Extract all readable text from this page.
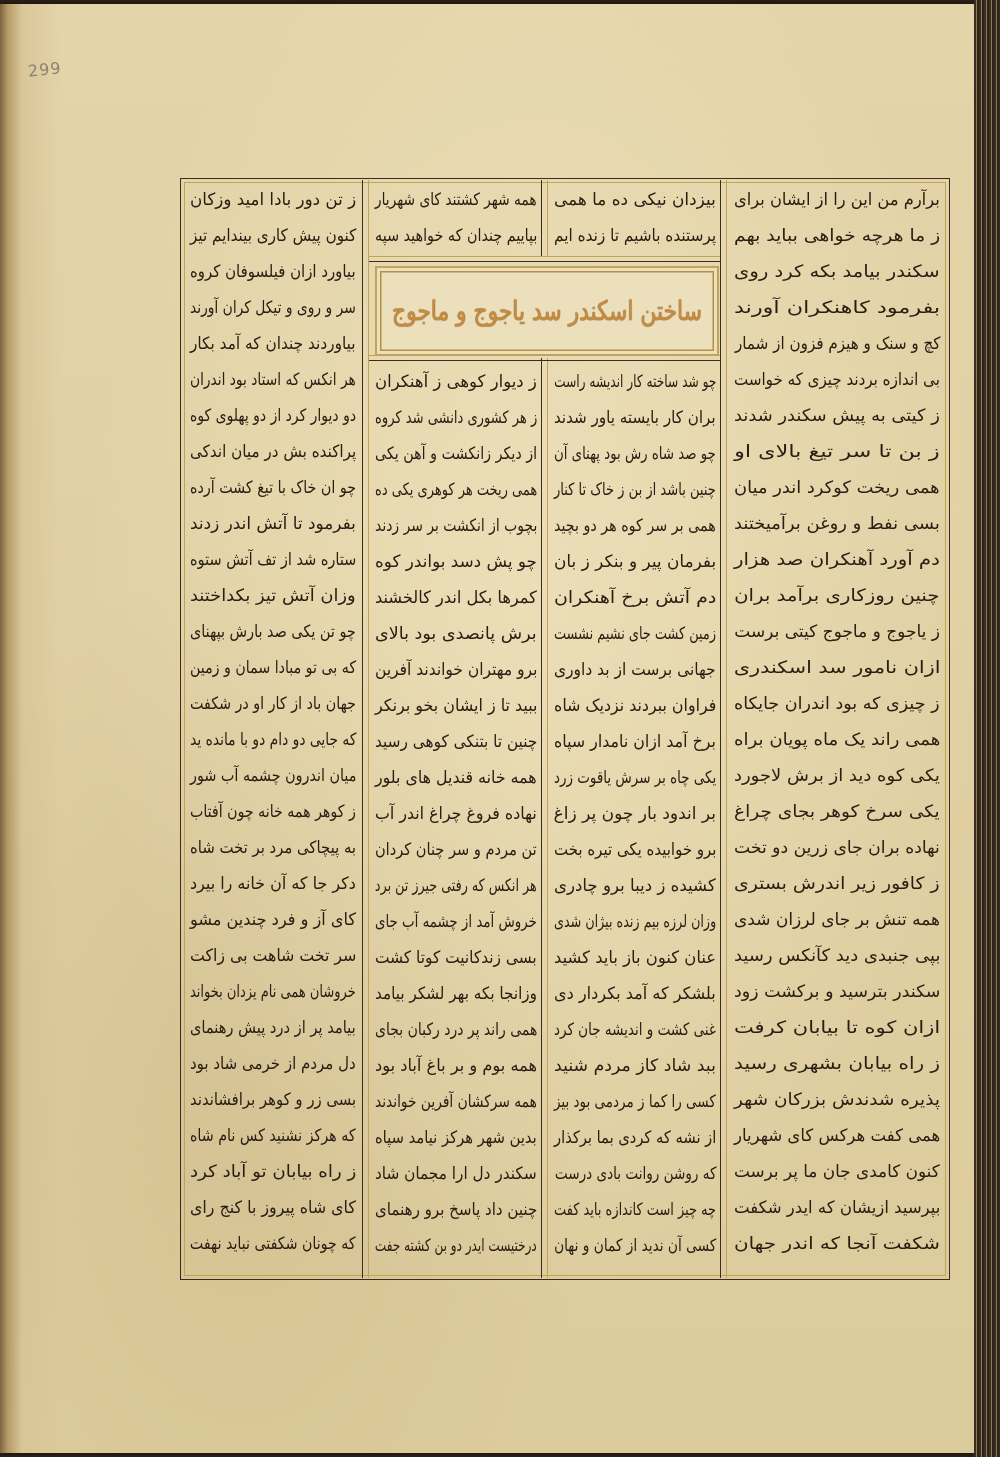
299
ساختن اسکندر سد یاجوج و ماجوج
برآرم من این را از ایشان برای
ز ما هرچه خواهی بباید بهم
سکندر بیامد بکه کرد روی
بفرمود کاهنکران آورند
کچ و سنک و هیزم فزون از شمار
بی اندازه بردند چیزی که خواست
ز کیتی به پیش سکندر شدند
ز بن تا سر تیغ بالای او
همی ریخت کوکرد اندر میان
بسی نفط و روغن برآمیختند
دم آورد آهنکران صد هزار
چنین روزکاری برآمد بران
ز یاجوج و ماجوج کیتی برست
ازان نامور سد اسکندری
ز چیزی که بود اندران جایکاه
همی راند یک ماه پویان براه
یکی کوه دید از برش لاجورد
یکی سرخ کوهر بجای چراغ
نهاده بران جای زرین دو تخت
ز کافور زیر اندرش بستری
همه تنش بر جای لرزان شدی
بپی جنبدی دید کآنکس رسید
سکندر بترسید و برکشت زود
ازان کوه تا بیابان کرفت
ز راه بیابان بشهری رسید
پذیره شدندش بزرکان شهر
همی کفت هرکس کای شهریار
کنون کامدی جان ما پر برست
بپرسید ازیشان که ایدر شکفت
شکفت آنجا که اندر جهان
بیزدان نیکی ده ما همی
پرستنده باشیم تا زنده ایم
چو شد ساخته کار اندیشه راست
بران کار بایسته یاور شدند
چو صد شاه رش بود پهنای آن
چنین باشد از بن ز خاک تا کنار
همی بر سر کوه هر دو بچید
بفرمان پیر و بنکر ز بان
دم آتش برخ آهنکران
زمین کشت جای نشیم نشست
جهانی برست از بد داوری
فراوان ببردند نزدیک شاه
برخ آمد ازان نامدار سپاه
یکی چاه بر سرش یاقوت زرد
بر اندود بار چون پر زاغ
برو خوابیده یکی تیره بخت
کشیده ز دیبا برو چادری
وزان لرزه بیم زنده بیژان شدی
عنان کنون باز باید کشید
بلشکر که آمد بکردار دی
غنی کشت و اندیشه جان کرد
ببد شاد کاز مردم شنید
کسی را کما ز مردمی بود بیز
از نشه که کردی بما برکذار
که روشن روانت بادی درست
چه چیز است کاندازه باید کفت
کسی آن ندید از کمان و نهان
همه شهر کشتند کای شهریار
بپاییم چندان که خواهید سپه
ز دیوار کوهی ز آهنکران
ز هر کشوری دانشی شد کروه
از دیکر زانکشت و آهن یکی
همی ریخت هر کوهری یکی ده
بچوب از انکشت بر سر زدند
چو پش دسد بواندر کوه
کمرها بکل اندر کالخشند
برش پانصدی بود بالای
برو مهتران خواندند آفرین
ببید تا ز ایشان بخو برنکر
چنین تا بتنکی کوهی رسید
همه خانه قندیل های بلور
نهاده فروغ چراغ اندر آب
تن مردم و سر چنان کردان
هر انکس که رفتی جیرز تن برد
خروش آمد از چشمه آب جای
بسی زندکانیت کوتا کشت
وزانجا بکه بهر لشکر بیامد
همی راند پر درد رکبان بجای
همه بوم و بر باغ آباد بود
همه سرکشان آفرین خواندند
بدین شهر هرکز نیامد سپاه
سکندر دل ارا مجمان شاد
چنین داد پاسخ برو رهنمای
درختیست ایدر دو بن کشته جفت
ز تن دور بادا امید وزکان
کنون پیش کاری بیندایم تیز
بیاورد ازان فیلسوفان کروه
سر و روی و تیکل کران آورند
بیاوردند چندان که آمد بکار
هر انکس که استاد بود اندران
دو دیوار کرد از دو پهلوی کوه
پراکنده بش در میان اندکی
چو ان خاک با تیغ کشت آرده
بفرمود تا آتش اندر زدند
ستاره شد از تف آتش ستوه
وزان آتش تیز بکداختند
چو تن یکی صد بارش بپهنای
که بی تو مبادا سمان و زمین
جهان باد از کار او در شکفت
که جایی دو دام دو با مانده ید
میان اندرون چشمه آب شور
ز کوهر همه خانه چون آفتاب
به پیچاکی مرد بر تخت شاه
دکر جا که آن خانه را بیرد
کای آز و فرد چندین مشو
سر تخت شاهت بی زاکت
خروشان همی نام یزدان بخواند
بیامد پر از درد پیش رهنمای
دل مردم از خرمی شاد بود
بسی زر و کوهر برافشاندند
که هرکز نشنید کس نام شاه
ز راه بیابان تو آباد کرد
کای شاه پیروز با کنج رای
که چونان شکفتی نباید نهفت
